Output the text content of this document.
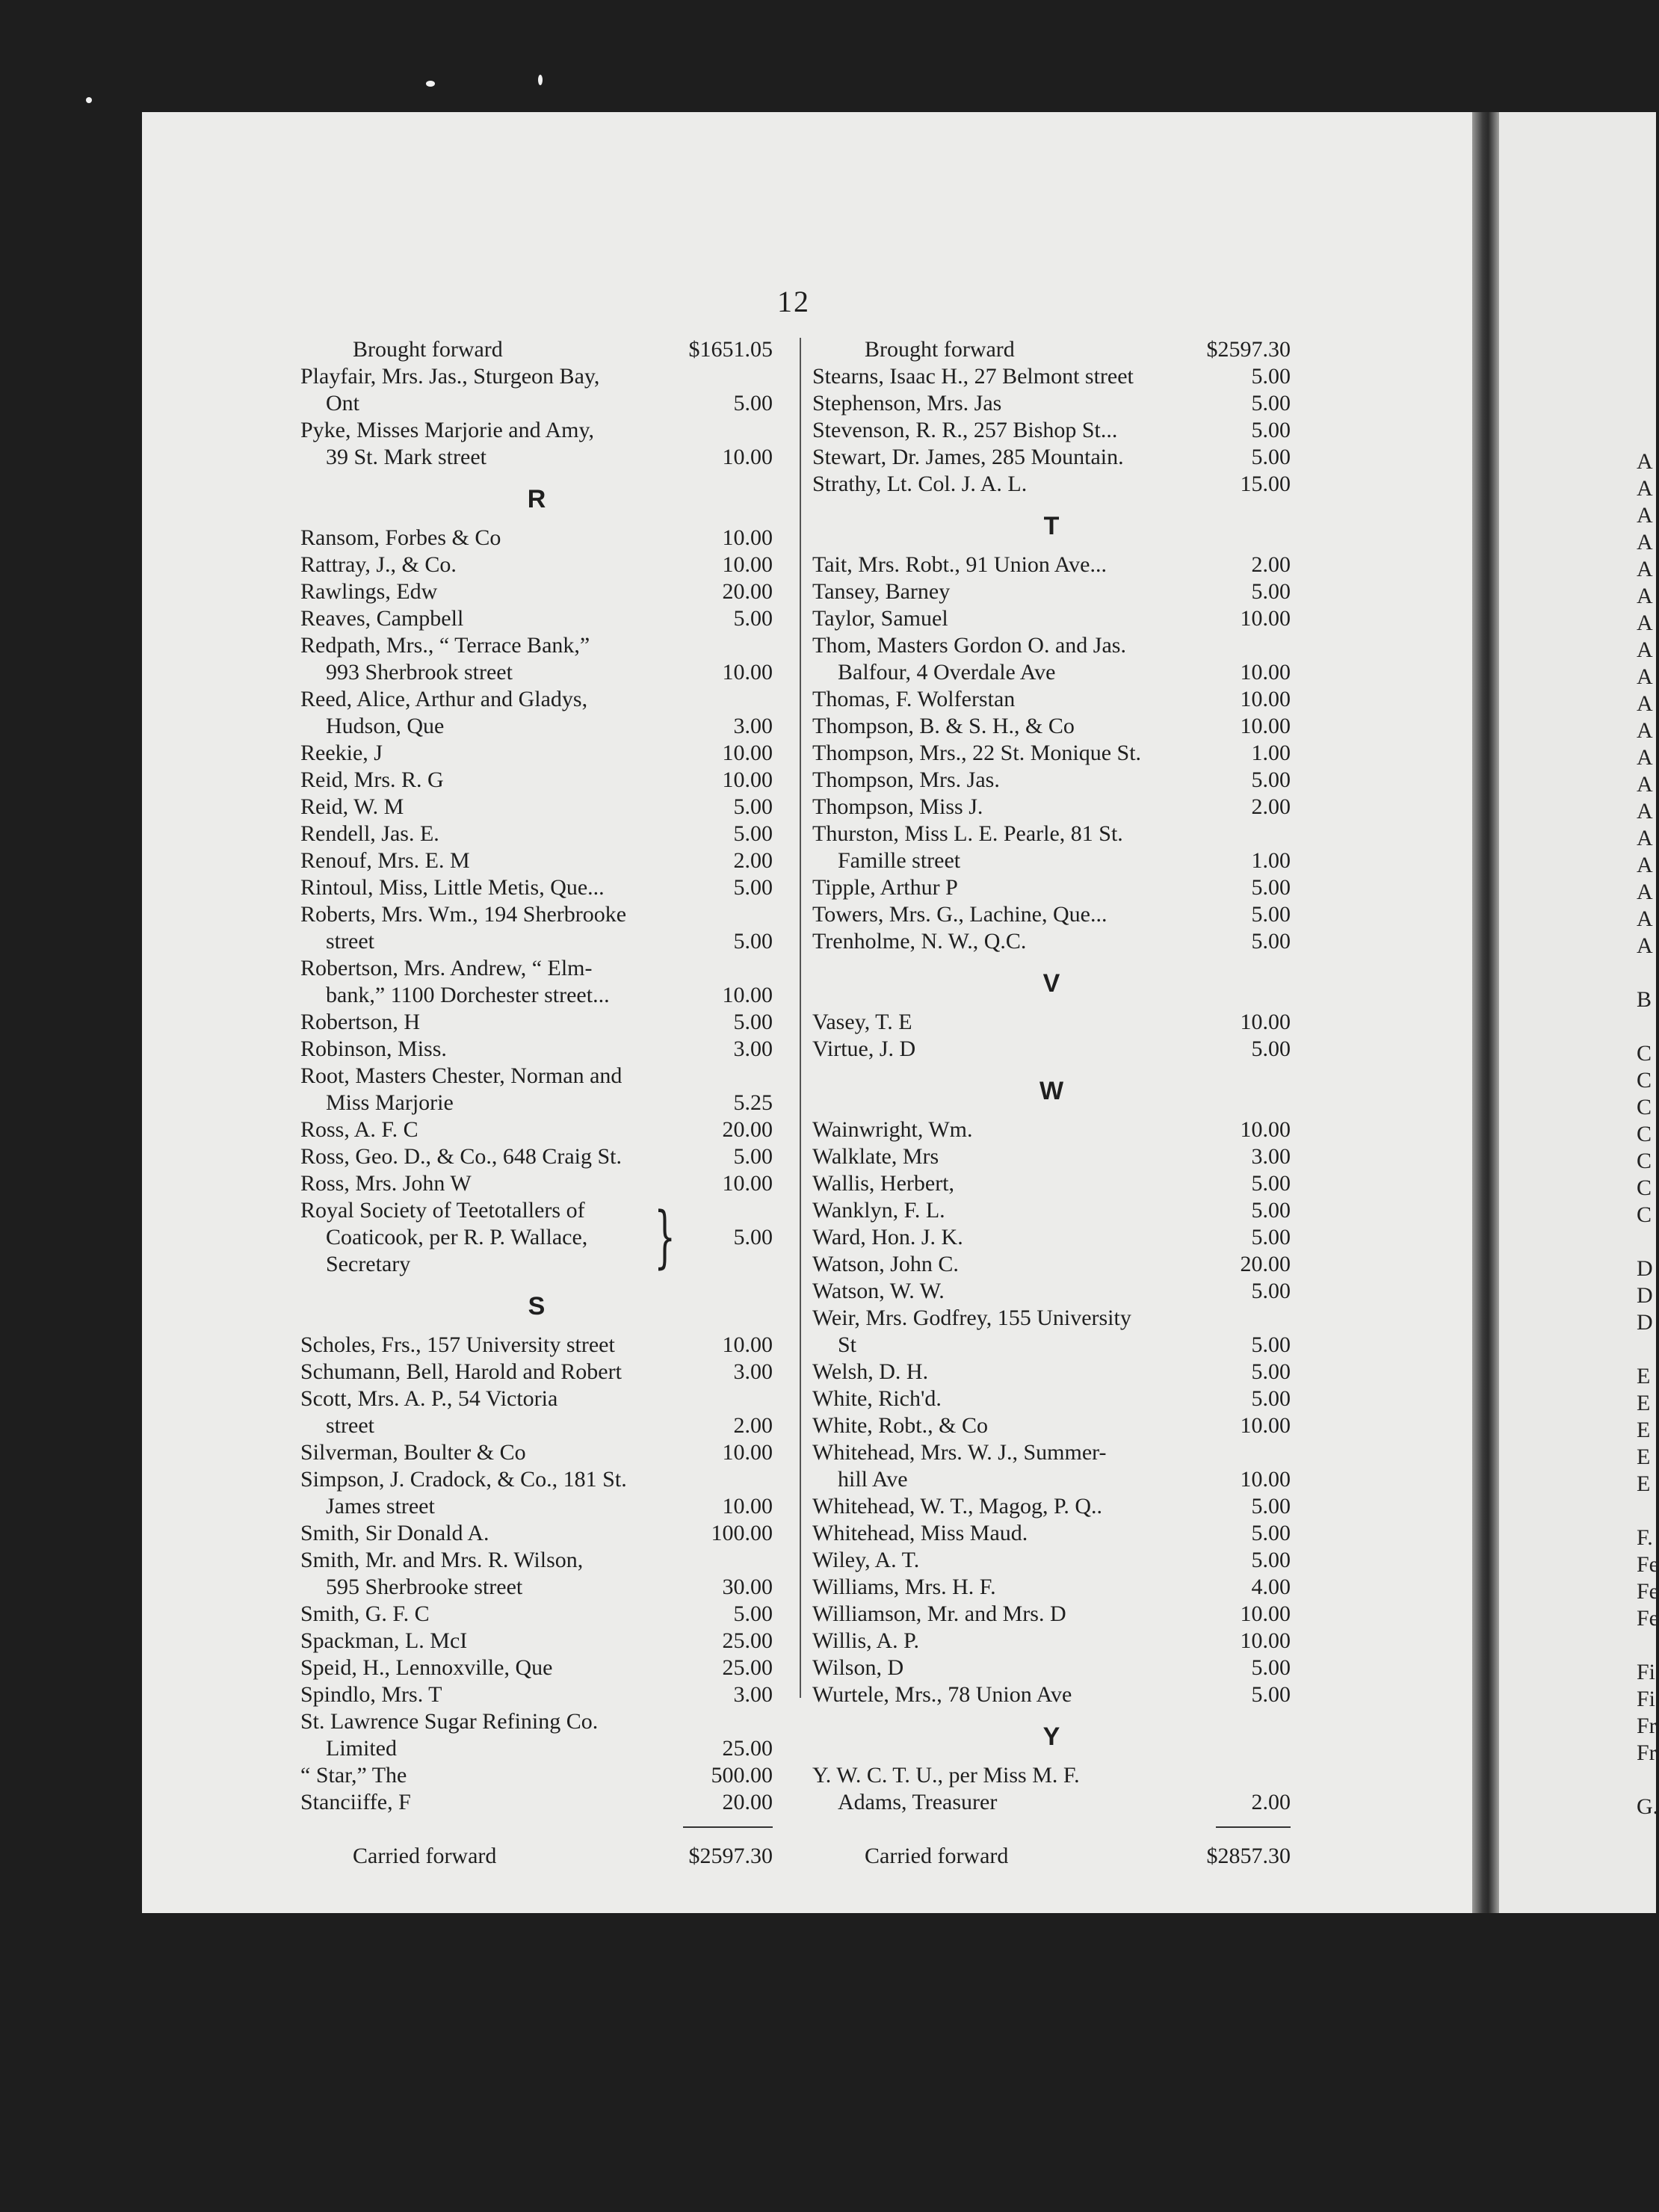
12
Brought forward .....	$1651.05
Playfair, Mrs. Jas., Sturgeon Bay,
Ont .....	5.00
Pyke, Misses Marjorie and Amy,
39 St. Mark street .....	10.00
R
Ransom, Forbes & Co .....	10.00
Rattray, J., & Co. .....	10.00
Rawlings, Edw .....	20.00
Reaves, Campbell .....	5.00
Redpath, Mrs., “ Terrace Bank,”
993 Sherbrook street .....	10.00
Reed, Alice, Arthur and Gladys,
Hudson, Que .....	3.00
Reekie, J .....	10.00
Reid, Mrs. R. G .....	10.00
Reid, W. M .....	5.00
Rendell, Jas. E. .....	5.00
Renouf, Mrs. E. M .....	2.00
Rintoul, Miss, Little Metis, Que... .....	5.00
Roberts, Mrs. Wm., 194 Sherbrooke
street .....	5.00
Robertson, Mrs. Andrew, “ Elm-
bank,” 1100 Dorchester street... .....	10.00
Robertson, H .....	5.00
Robinson, Miss. .....	3.00
Root, Masters Chester, Norman and
Miss Marjorie .....	5.25
Ross, A. F. C .....	20.00
Ross, Geo. D., & Co., 648 Craig St. .....	5.00
Ross, Mrs. John W .....	10.00
Royal Society of Teetotallers of
Coaticook, per R. P. Wallace,
Secretary	}	5.00
S
Scholes, Frs., 157 University street .....	10.00
Schumann, Bell, Harold and Robert .....	3.00
Scott, Mrs. A. P., 54 Victoria
street .....	2.00
Silverman, Boulter & Co .....	10.00
Simpson, J. Cradock, & Co., 181 St.
James street .....	10.00
Smith, Sir Donald A. .....	100.00
Smith, Mr. and Mrs. R. Wilson,
595 Sherbrooke street .....	30.00
Smith, G. F. C .....	5.00
Spackman, L. McI .....	25.00
Speid, H., Lennoxville, Que .....	25.00
Spindlo, Mrs. T .....	3.00
St. Lawrence Sugar Refining Co.
Limited .....	25.00
“ Star,” The .....	500.00
Stanciiffe, F .....	20.00
Carried forward .....	$2597.30
Brought forward .....	$2597.30
Stearns, Isaac H., 27 Belmont street .....	5.00
Stephenson, Mrs. Jas .....	5.00
Stevenson, R. R., 257 Bishop St... .....	5.00
Stewart, Dr. James, 285 Mountain. .....	5.00
Strathy, Lt. Col. J. A. L. .....	15.00
T
Tait, Mrs. Robt., 91 Union Ave... .....	2.00
Tansey, Barney .....	5.00
Taylor, Samuel .....	10.00
Thom, Masters Gordon O. and Jas.
Balfour, 4 Overdale Ave .....	10.00
Thomas, F. Wolferstan .....	10.00
Thompson, B. & S. H., & Co .....	10.00
Thompson, Mrs., 22 St. Monique St. .....	1.00
Thompson, Mrs. Jas. .....	5.00
Thompson, Miss J. .....	2.00
Thurston, Miss L. E. Pearle, 81 St.
Famille street .....	1.00
Tipple, Arthur P .....	5.00
Towers, Mrs. G., Lachine, Que... .....	5.00
Trenholme, N. W., Q.C. .....	5.00
V
Vasey, T. E .....	10.00
Virtue, J. D .....	5.00
W
Wainwright, Wm. .....	10.00
Walklate, Mrs .....	3.00
Wallis, Herbert, .....	5.00
Wanklyn, F. L. .....	5.00
Ward, Hon. J. K. .....	5.00
Watson, John C. .....	20.00
Watson, W. W. .....	5.00
Weir, Mrs. Godfrey, 155 University
St .....	5.00
Welsh, D. H. .....	5.00
White, Rich'd. .....	5.00
White, Robt., & Co .....	10.00
Whitehead, Mrs. W. J., Summer-
hill Ave .....	10.00
Whitehead, W. T., Magog, P. Q.. .....	5.00
Whitehead, Miss Maud. .....	5.00
Wiley, A. T. .....	5.00
Williams, Mrs. H. F. .....	4.00
Williamson, Mr. and Mrs. D .....	10.00
Willis, A. P. .....	10.00
Wilson, D .....	5.00
Wurtele, Mrs., 78 Union Ave .....	5.00
Y
Y. W. C. T. U., per Miss M. F.
Adams, Treasurer .....	2.00
Carried forward .....	$2857.30
A
A
A
A
A
A
A
A
A
A
A
A
A
A
A
A
A
A
A
B
C
C
C
C
C
C
C
D
D
D
E
E
E
E
E
F.
Fe
Fe
Fe
Fi
Fi
Fr
Fr
G.
